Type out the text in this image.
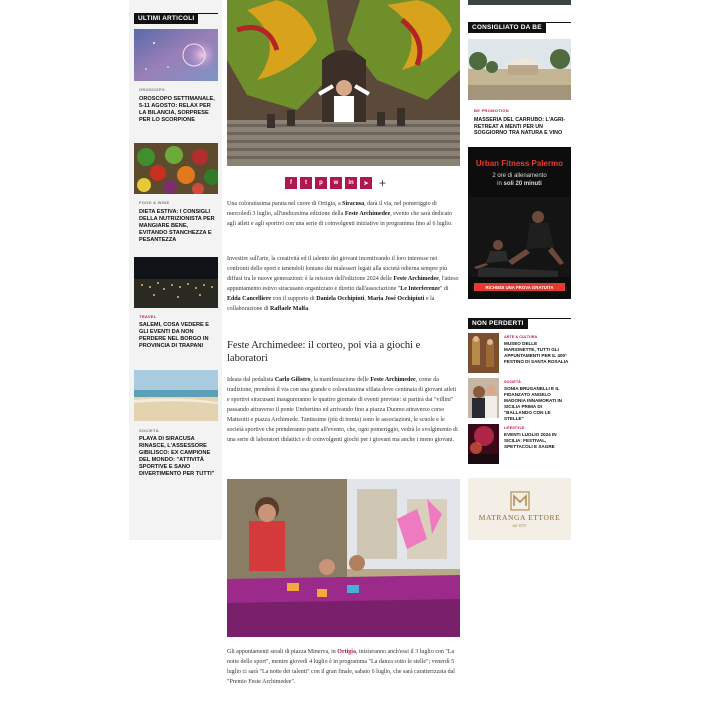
ULTIMI ARTICOLI
OROSCOPO
OROSCOPO SETTIMANALE, 5-11 AGOSTO: RELAX PER LA BILANCIA, SORPRESE PER LO SCORPIONE
FOOD & WINE
DIETA ESTIVA: I CONSIGLI DELLA NUTRIZIONISTA PER MANGIARE BENE, EVITANDO STANCHEZZA E PESANTEZZA
TRAVEL
SALEMI, COSA VEDERE E GLI EVENTI DA NON PERDERE NEL BORGO IN PROVINCIA DI TRAPANI
SOCIETÀ
PLAYA DI SIRACUSA RINASCE, L'ASSESSORE GIBILISCO: EX CAMPIONE DEL MONDO: "ATTIVITÀ SPORTIVE E SANO DIVERTIMENTO PER TUTTI"
f	t	p	w	in	➤ +

Una coloratissima parata nel cuore di Ortigia, a Siracusa, darà il via, nel pomeriggio di mercoledì 3 luglio, all'undicesima edizione della Feste Archimedee, evento che sarà dedicato agli atleti e agli sportivi con una serie di coinvolgenti iniziative in programma fino al 6 luglio.

Investire sull'arte, la creatività ed il talento dei giovani incentivando il loro interesse nei confronti dello sport e tenendoli lontano dai malesseri legati alla società odierna sempre più diffusi tra le nuove generazioni: è la mission dell'edizione 2024 delle Feste Archimedee, l'atteso appuntamento estivo siracusano organizzato e diretto dall'associazione "Le Interferenze" di Edda Cancelliere con il supporto di Daniela Occhipinti, Maria José Occhipinti e la collaborazione di Raffaele Malfa.

Feste Archimedee: il corteo, poi via a giochi e laboratori

Ideata dal pedalista Carlo Gilistro, la manifestazione delle Feste Archimedee, come da tradizione, prenderà il via con una grande e coloratissima sfilata dove centinaia di giovani atleti e sportivi siracusani inaugureranno le quattro giornate di eventi previste: si partirà dai "villini" passando attraverso il ponte Umbertino ed arrivando fino a piazza Duomo attraverso corso Matteotti e piazza Archimede. Tantissime (più di trenta) sono le associazioni, le scuole e le società sportive che prenderanno parte all'evento, che, ogni pomeriggio, vedrà lo svolgimento di una serie di laboratori didattici e di coinvolgenti giochi per i giovani ma anche i meno giovani.

Gli appuntamenti serali di piazza Minerva, in Ortigia, inizieranno anch'essi il 3 luglio con "La notte dello sport", mentre giovedì 4 luglio è in programma "La danza sotto le stelle"; venerdì 5 luglio ci sarà "La notte dei talenti" con il gran finale, sabato 6 luglio, che sarà caratterizzata dal "Premio Feste Archimedee".

CONSIGLIATO DA BE
BE PROMOTION
MASSERIA DEL CARRUBO: L'AGRI-RETREAT A MENTI PER UN SOGGIORNO TRA NATURA E VINO
Urban Fitness Palermo
2 ore di allenamento
in soli 20 minuti
RICHIEDI UNA PROVA GRATUITA
NON PERDERTI
ARTE & CULTURA
MUSEO DELLE MARIONETTE, TUTTI GLI APPUNTAMENTI PER IL 400° FESTINO DI SANTA ROSALIA
SOCIETÀ
SONIA BRUGANELLI E IL FIDANZATO ANGELO MADONIA INNAMORATI IN SICILIA PRIMA DI "BALLANDO CON LE STELLE"
LIFESTYLE
EVENTI LUGLIO 2024 IN SICILIA: FESTIVAL, SPETTACOLI E SAGRE
MATRANGA ETTORE
dal 1870
